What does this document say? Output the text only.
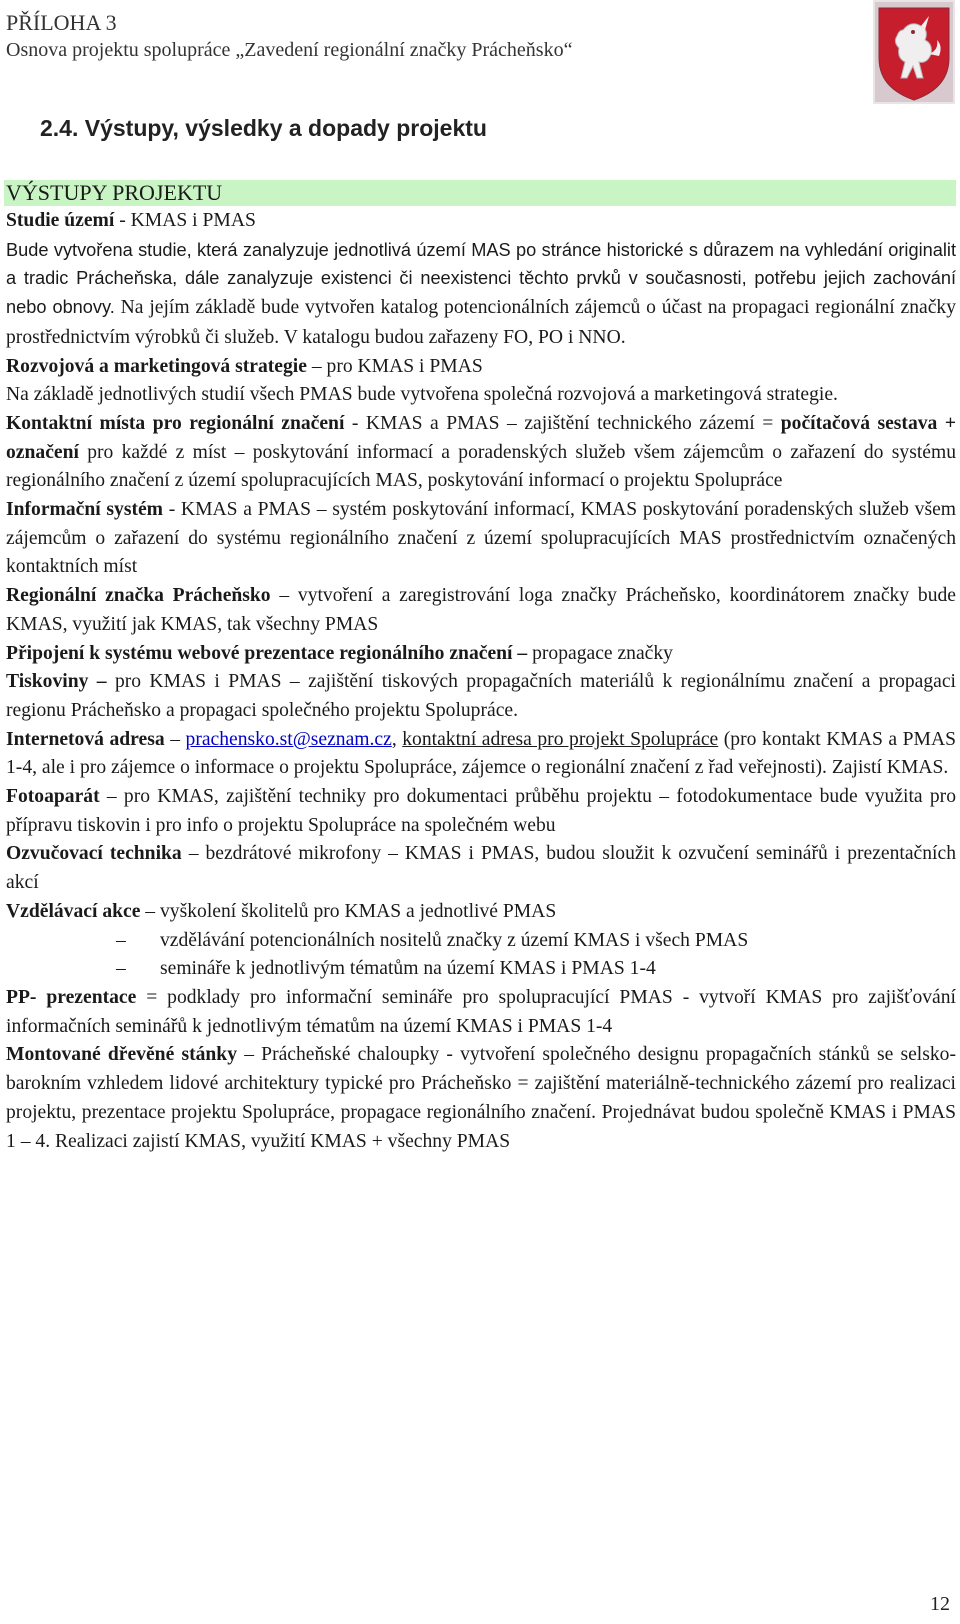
PŘÍLOHA 3
Osnova projektu spolupráce „Zavedení regionální značky Prácheňsko“
2.4. Výstupy, výsledky a dopady projektu
VÝSTUPY PROJEKTU

Studie území - KMAS i PMAS

Bude vytvořena studie, která zanalyzuje jednotlivá území MAS po stránce historické s důrazem na vyhledání originalit a tradic Prácheňska, dále zanalyzuje existenci či neexistenci těchto prvků v současnosti, potřebu jejich zachování nebo obnovy. Na jejím základě bude vytvořen katalog potencionálních zájemců o účast na propagaci regionální značky prostřednictvím výrobků či služeb. V katalogu budou zařazeny FO, PO i NNO.

Rozvojová a marketingová strategie – pro KMAS i PMAS

Na základě jednotlivých studií všech PMAS bude vytvořena společná rozvojová a marketingová strategie.

Kontaktní místa pro regionální značení - KMAS a PMAS – zajištění technického zázemí = počítačová sestava + označení pro každé z míst – poskytování informací a poradenských služeb všem zájemcům o zařazení do systému regionálního značení z území spolupracujících MAS, poskytování informací o projektu Spolupráce

Informační systém - KMAS a PMAS – systém poskytování informací, KMAS poskytování poradenských služeb všem zájemcům o zařazení do systému regionálního značení z území spolupracujících MAS prostřednictvím označených kontaktních míst

Regionální značka Prácheňsko – vytvoření a zaregistrování loga značky Prácheňsko, koordinátorem značky bude KMAS, využití jak KMAS, tak všechny PMAS

Připojení k systému webové prezentace regionálního značení – propagace značky

Tiskoviny – pro KMAS i PMAS – zajištění tiskových propagačních materiálů k regionálnímu značení a propagaci regionu Prácheňsko a propagaci společného projektu Spolupráce.

Internetová adresa – prachensko.st@seznam.cz, kontaktní adresa pro projekt Spolupráce (pro kontakt KMAS a PMAS 1-4, ale i pro zájemce o informace o projektu Spolupráce, zájemce o regionální značení z řad veřejnosti). Zajistí KMAS.

Fotoaparát – pro KMAS, zajištění techniky pro dokumentaci průběhu projektu – fotodokumentace bude využita pro přípravu tiskovin i pro info o projektu Spolupráce na společném webu

Ozvučovací technika – bezdrátové mikrofony – KMAS i PMAS, budou sloužit k ozvučení seminářů i prezentačních akcí

Vzdělávací akce – vyškolení školitelů pro KMAS a jednotlivé PMAS

– vzdělávání potencionálních nositelů značky z území KMAS i všech PMAS

– semináře k jednotlivým tématům na území KMAS i PMAS 1-4

PP- prezentace = podklady pro informační semináře pro spolupracující PMAS - vytvoří KMAS pro zajišťování informačních seminářů k jednotlivým tématům na území KMAS i PMAS 1-4

Montované dřevěné stánky – Prácheňské chaloupky - vytvoření společného designu propagačních stánků se selsko-barokním vzhledem lidové architektury typické pro Prácheňsko = zajištění materiálně-technického zázemí pro realizaci projektu, prezentace projektu Spolupráce, propagace regionálního značení. Projednávat budou společně KMAS i PMAS 1 – 4. Realizaci zajistí KMAS, využití KMAS + všechny PMAS

12
